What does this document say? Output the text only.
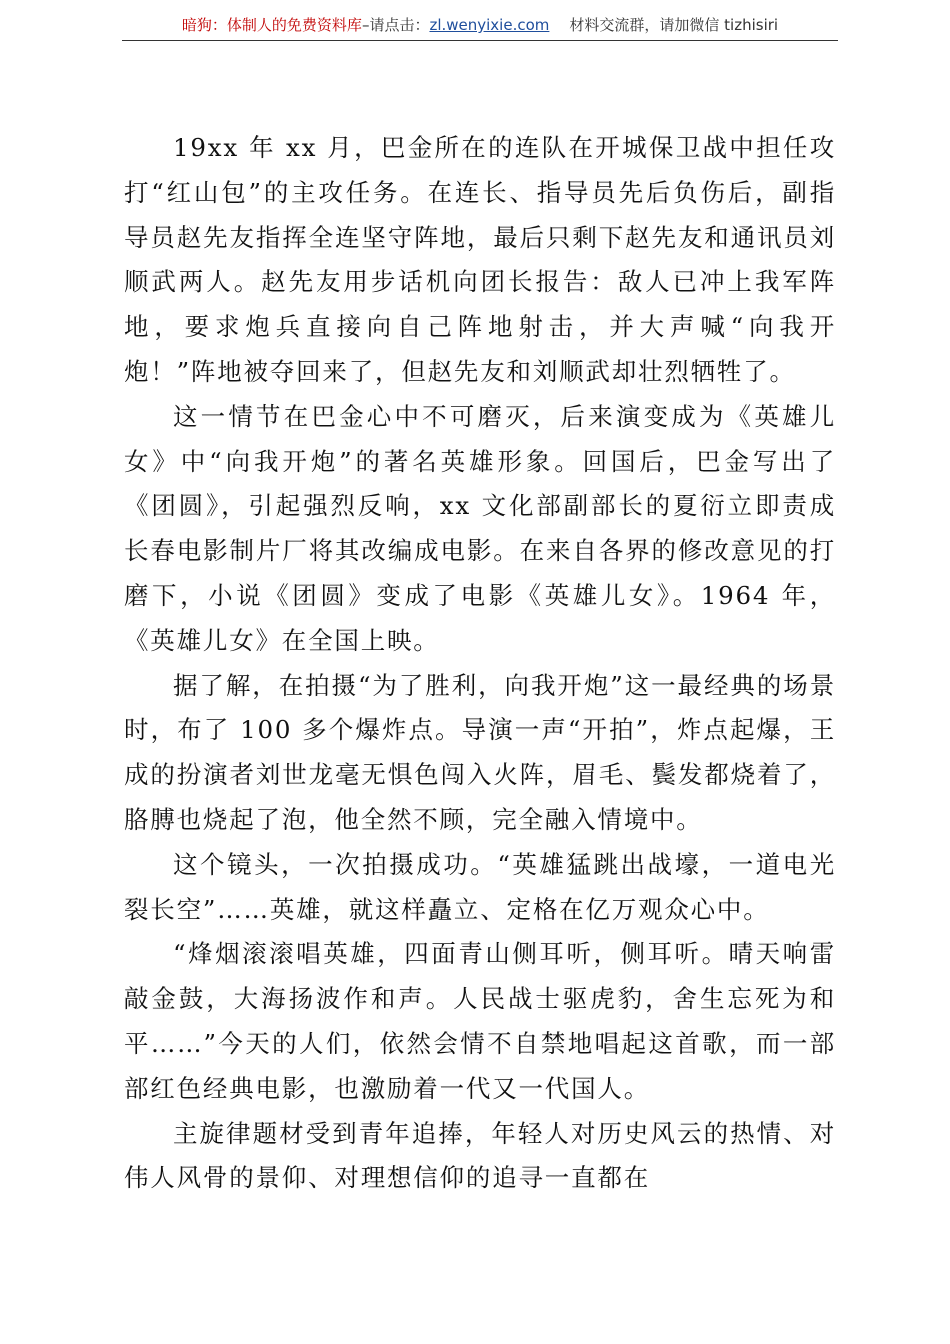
暗狗：体制人的免费资料库 –请点击： zl.wenyixie.com 材料交流群，请加微信 tizhisiri

19xx 年 xx 月，巴金所在的连队在开城保卫战中担任攻打“红山包”的主攻任务。在连长、指导员先后负伤后，副指导员赵先友指挥全连坚守阵地，最后只剩下赵先友和通讯员刘顺武两人。赵先友用步话机向团长报告：敌人已冲上我军阵地，要求炮兵直接向自己阵地射击，并大声喊“向我开炮！”阵地被夺回来了，但赵先友和刘顺武却壮烈牺牲了。

这一情节在巴金心中不可磨灭，后来演变成为《英雄儿女》中“向我开炮”的著名英雄形象。回国后，巴金写出了《团圆》，引起强烈反响，xx 文化部副部长的夏衍立即责成长春电影制片厂将其改编成电影。在来自各界的修改意见的打磨下，小说《团圆》变成了电影《英雄儿女》。1964 年，《英雄儿女》在全国上映。

据了解，在拍摄“为了胜利，向我开炮”这一最经典的场景时，布了 100 多个爆炸点。导演一声“开拍”，炸点起爆，王成的扮演者刘世龙毫无惧色闯入火阵，眉毛、鬓发都烧着了，胳膊也烧起了泡，他全然不顾，完全融入情境中。

这个镜头，一次拍摄成功。“英雄猛跳出战壕，一道电光裂长空”……英雄，就这样矗立、定格在亿万观众心中。

“烽烟滚滚唱英雄，四面青山侧耳听，侧耳听。晴天响雷敲金鼓，大海扬波作和声。人民战士驱虎豹，舍生忘死为和平……”今天的人们，依然会情不自禁地唱起这首歌，而一部部红色经典电影，也激励着一代又一代国人。

主旋律题材受到青年追捧，年轻人对历史风云的热情、对伟人风骨的景仰、对理想信仰的追寻一直都在
